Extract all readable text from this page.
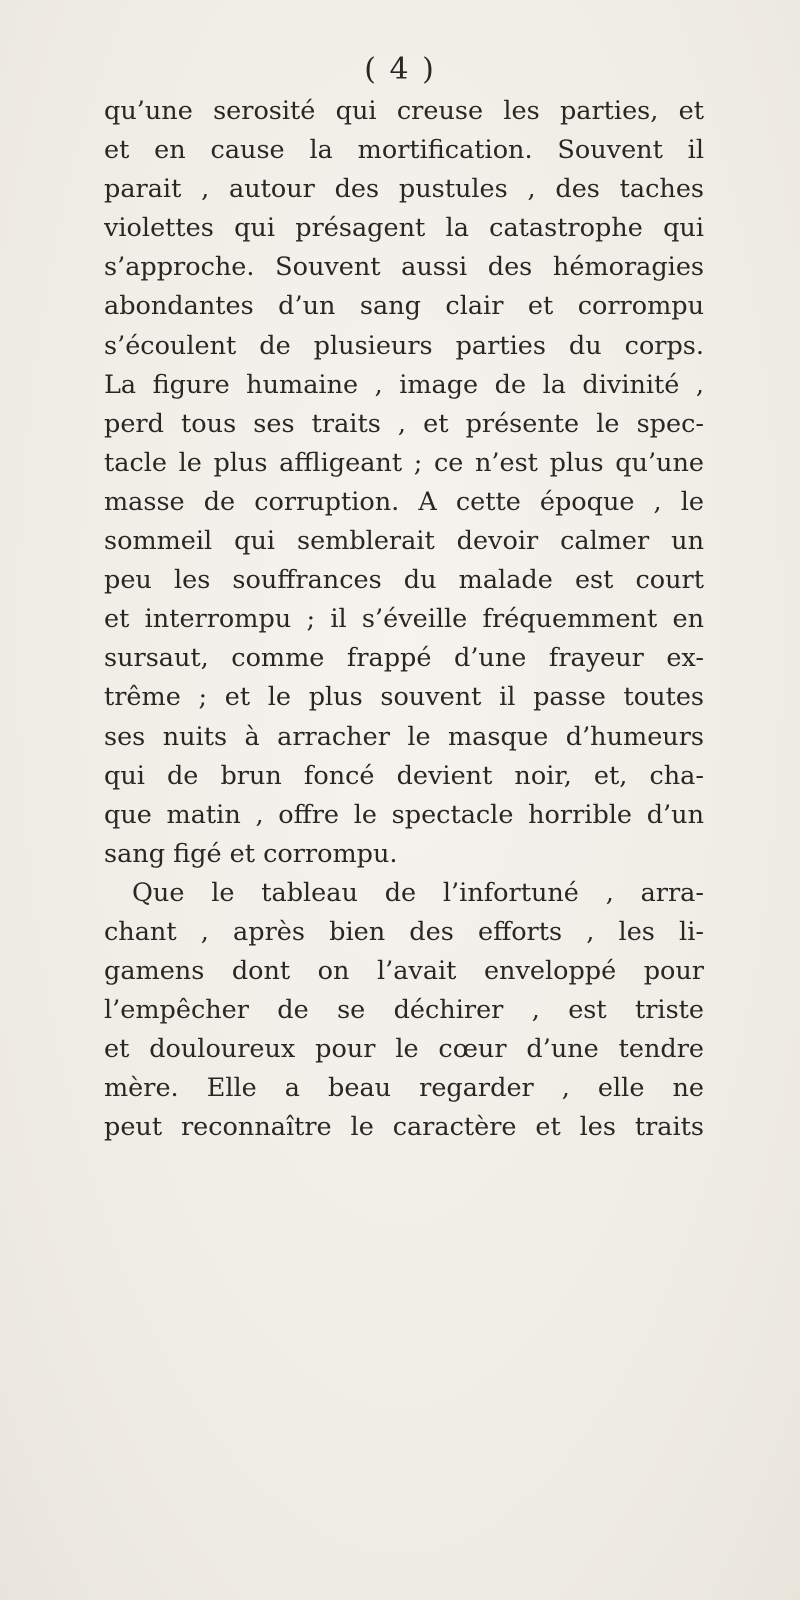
( 4 )
qu’une serosité qui creuse les parties, et
et en cause la mortification. Souvent il
parait , autour des pustules , des taches
violettes qui présagent la catastrophe qui
s’approche. Souvent aussi des hémoragies
abondantes d’un sang clair et corrompu
s’écoulent de plusieurs parties du corps.
La figure humaine , image de la divinité ,
perd tous ses traits , et présente le spec-
tacle le plus affligeant ; ce n’est plus qu’une
masse de corruption. A cette époque , le
sommeil qui semblerait devoir calmer un
peu les souffrances du malade est court
et interrompu ; il s’éveille fréquemment en
sursaut, comme frappé d’une frayeur ex-
trême ; et le plus souvent il passe toutes
ses nuits à arracher le masque d’humeurs
qui de brun foncé devient noir, et, cha-
que matin , offre le spectacle horrible d’un
sang figé et corrompu.
Que le tableau de l’infortuné , arra-
chant , après bien des efforts , les li-
gamens dont on l’avait enveloppé pour
l’empêcher de se déchirer , est triste
et douloureux pour le cœur d’une tendre
mère. Elle a beau regarder , elle ne
peut reconnaître le caractère et les traits
